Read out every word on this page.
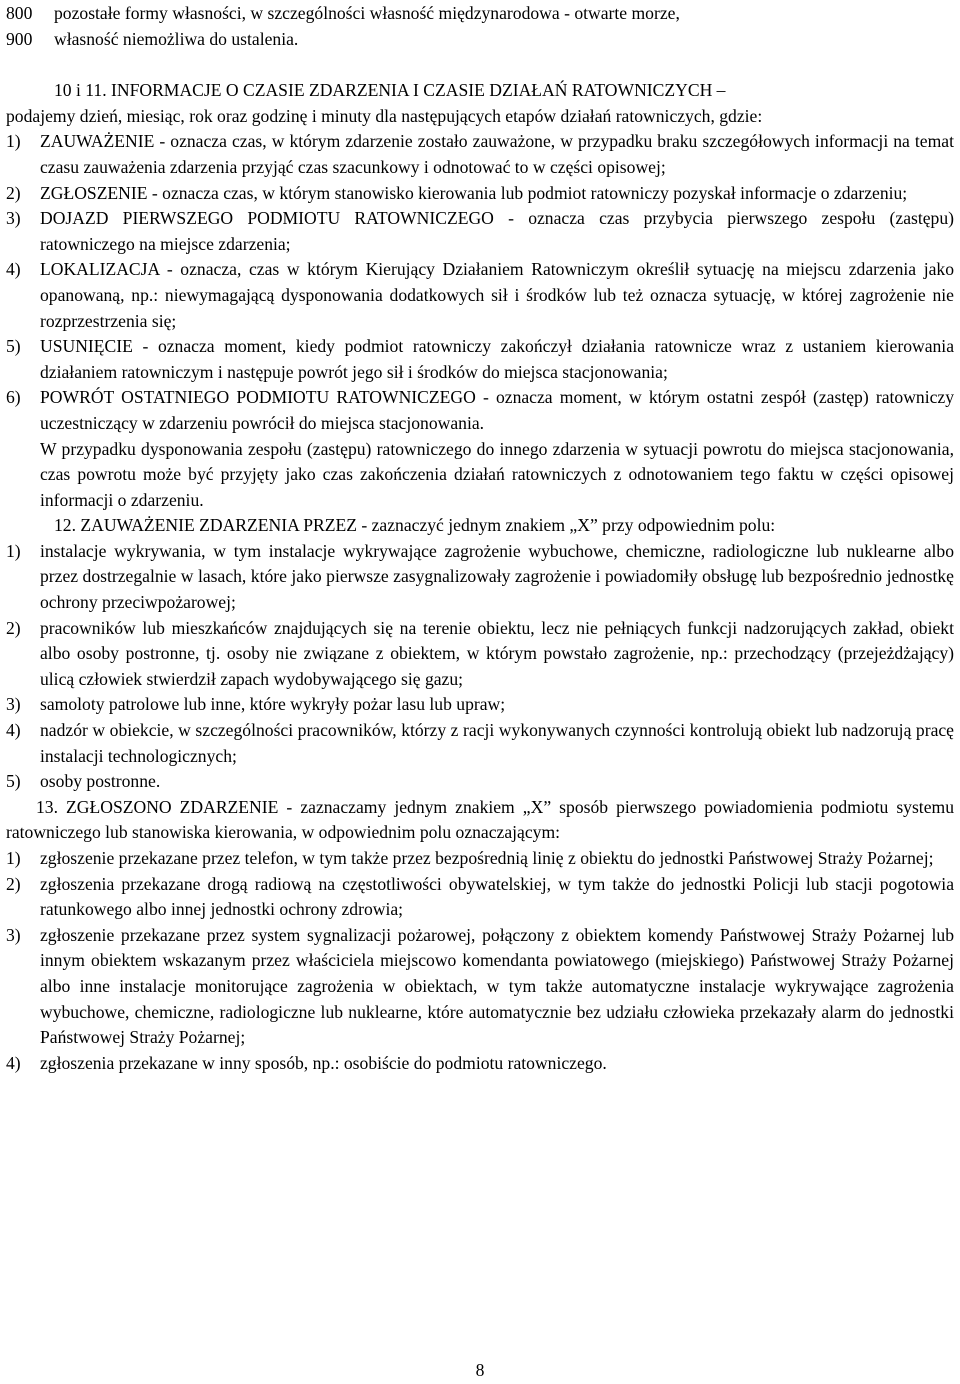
800	pozostałe formy własności, w szczególności własność międzynarodowa - otwarte morze,
900	własność niemożliwa do ustalenia.

10 i 11. INFORMACJE O CZASIE ZDARZENIA I CZASIE DZIAŁAŃ RATOWNICZYCH –

podajemy dzień, miesiąc, rok oraz godzinę i minuty dla następujących etapów działań ratowniczych, gdzie:

1)	ZAUWAŻENIE - oznacza czas, w którym zdarzenie zostało zauważone, w przypadku braku szczegółowych informacji na temat czasu zauważenia zdarzenia przyjąć czas szacunkowy i odnotować to w części opisowej;
2)	ZGŁOSZENIE - oznacza czas, w którym stanowisko kierowania lub podmiot ratowniczy pozyskał informacje o zdarzeniu;
3)	DOJAZD PIERWSZEGO PODMIOTU RATOWNICZEGO - oznacza czas przybycia pierwszego zespołu (zastępu) ratowniczego na miejsce zdarzenia;
4)	LOKALIZACJA - oznacza, czas w którym Kierujący Działaniem Ratowniczym określił sytuację na miejscu zdarzenia jako opanowaną, np.: niewymagającą dysponowania dodatkowych sił i środków lub też oznacza sytuację, w której zagrożenie nie rozprzestrzenia się;
5)	USUNIĘCIE - oznacza moment, kiedy podmiot ratowniczy zakończył działania ratownicze wraz z ustaniem kierowania działaniem ratowniczym i następuje powrót jego sił i środków do miejsca stacjonowania;
6)	POWRÓT OSTATNIEGO PODMIOTU RATOWNICZEGO - oznacza moment, w którym ostatni zespół (zastęp) ratowniczy uczestniczący w zdarzeniu powrócił do miejsca stacjonowania.

W przypadku dysponowania zespołu (zastępu) ratowniczego do innego zdarzenia w sytuacji powrotu do miejsca stacjonowania, czas powrotu może być przyjęty jako czas zakończenia działań ratowniczych z odnotowaniem tego faktu w części opisowej informacji o zdarzeniu.

12. ZAUWAŻENIE ZDARZENIA PRZEZ - zaznaczyć jednym znakiem „X” przy odpowiednim polu:

1)	instalacje wykrywania, w tym instalacje wykrywające zagrożenie wybuchowe, chemiczne, radiologiczne lub nuklearne albo przez dostrzegalnie w lasach, które jako pierwsze zasygnalizowały zagrożenie i powiadomiły obsługę lub bezpośrednio jednostkę ochrony przeciwpożarowej;
2)	pracowników lub mieszkańców znajdujących się na terenie obiektu, lecz nie pełniących funkcji nadzorujących zakład, obiekt albo osoby postronne, tj. osoby nie związane z obiektem, w którym powstało zagrożenie, np.: przechodzący (przejeżdżający) ulicą człowiek stwierdził zapach wydobywającego się gazu;
3)	samoloty patrolowe lub inne, które wykryły pożar lasu lub upraw;
4)	nadzór w obiekcie, w szczególności pracowników, którzy z racji wykonywanych czynności kontrolują obiekt lub nadzorują pracę instalacji technologicznych;
5)	osoby postronne.

13. ZGŁOSZONO ZDARZENIE - zaznaczamy jednym znakiem „X” sposób pierwszego powiadomienia podmiotu systemu ratowniczego lub stanowiska kierowania, w odpowiednim polu oznaczającym:

1)	zgłoszenie przekazane przez telefon, w tym także przez bezpośrednią linię z obiektu do jednostki Państwowej Straży Pożarnej;
2)	zgłoszenia przekazane drogą radiową na częstotliwości obywatelskiej, w tym także do jednostki Policji lub stacji pogotowia ratunkowego albo innej jednostki ochrony zdrowia;
3)	zgłoszenie przekazane przez system sygnalizacji pożarowej, połączony z obiektem komendy Państwowej Straży Pożarnej lub innym obiektem wskazanym przez właściciela miejscowo komendanta powiatowego (miejskiego) Państwowej Straży Pożarnej albo inne instalacje monitorujące zagrożenia w obiektach, w tym także automatyczne instalacje wykrywające zagrożenia wybuchowe, chemiczne, radiologiczne lub nuklearne, które automatycznie bez udziału człowieka przekazały alarm do jednostki Państwowej Straży Pożarnej;
4)	zgłoszenia przekazane w inny sposób, np.: osobiście do podmiotu ratowniczego.
8
